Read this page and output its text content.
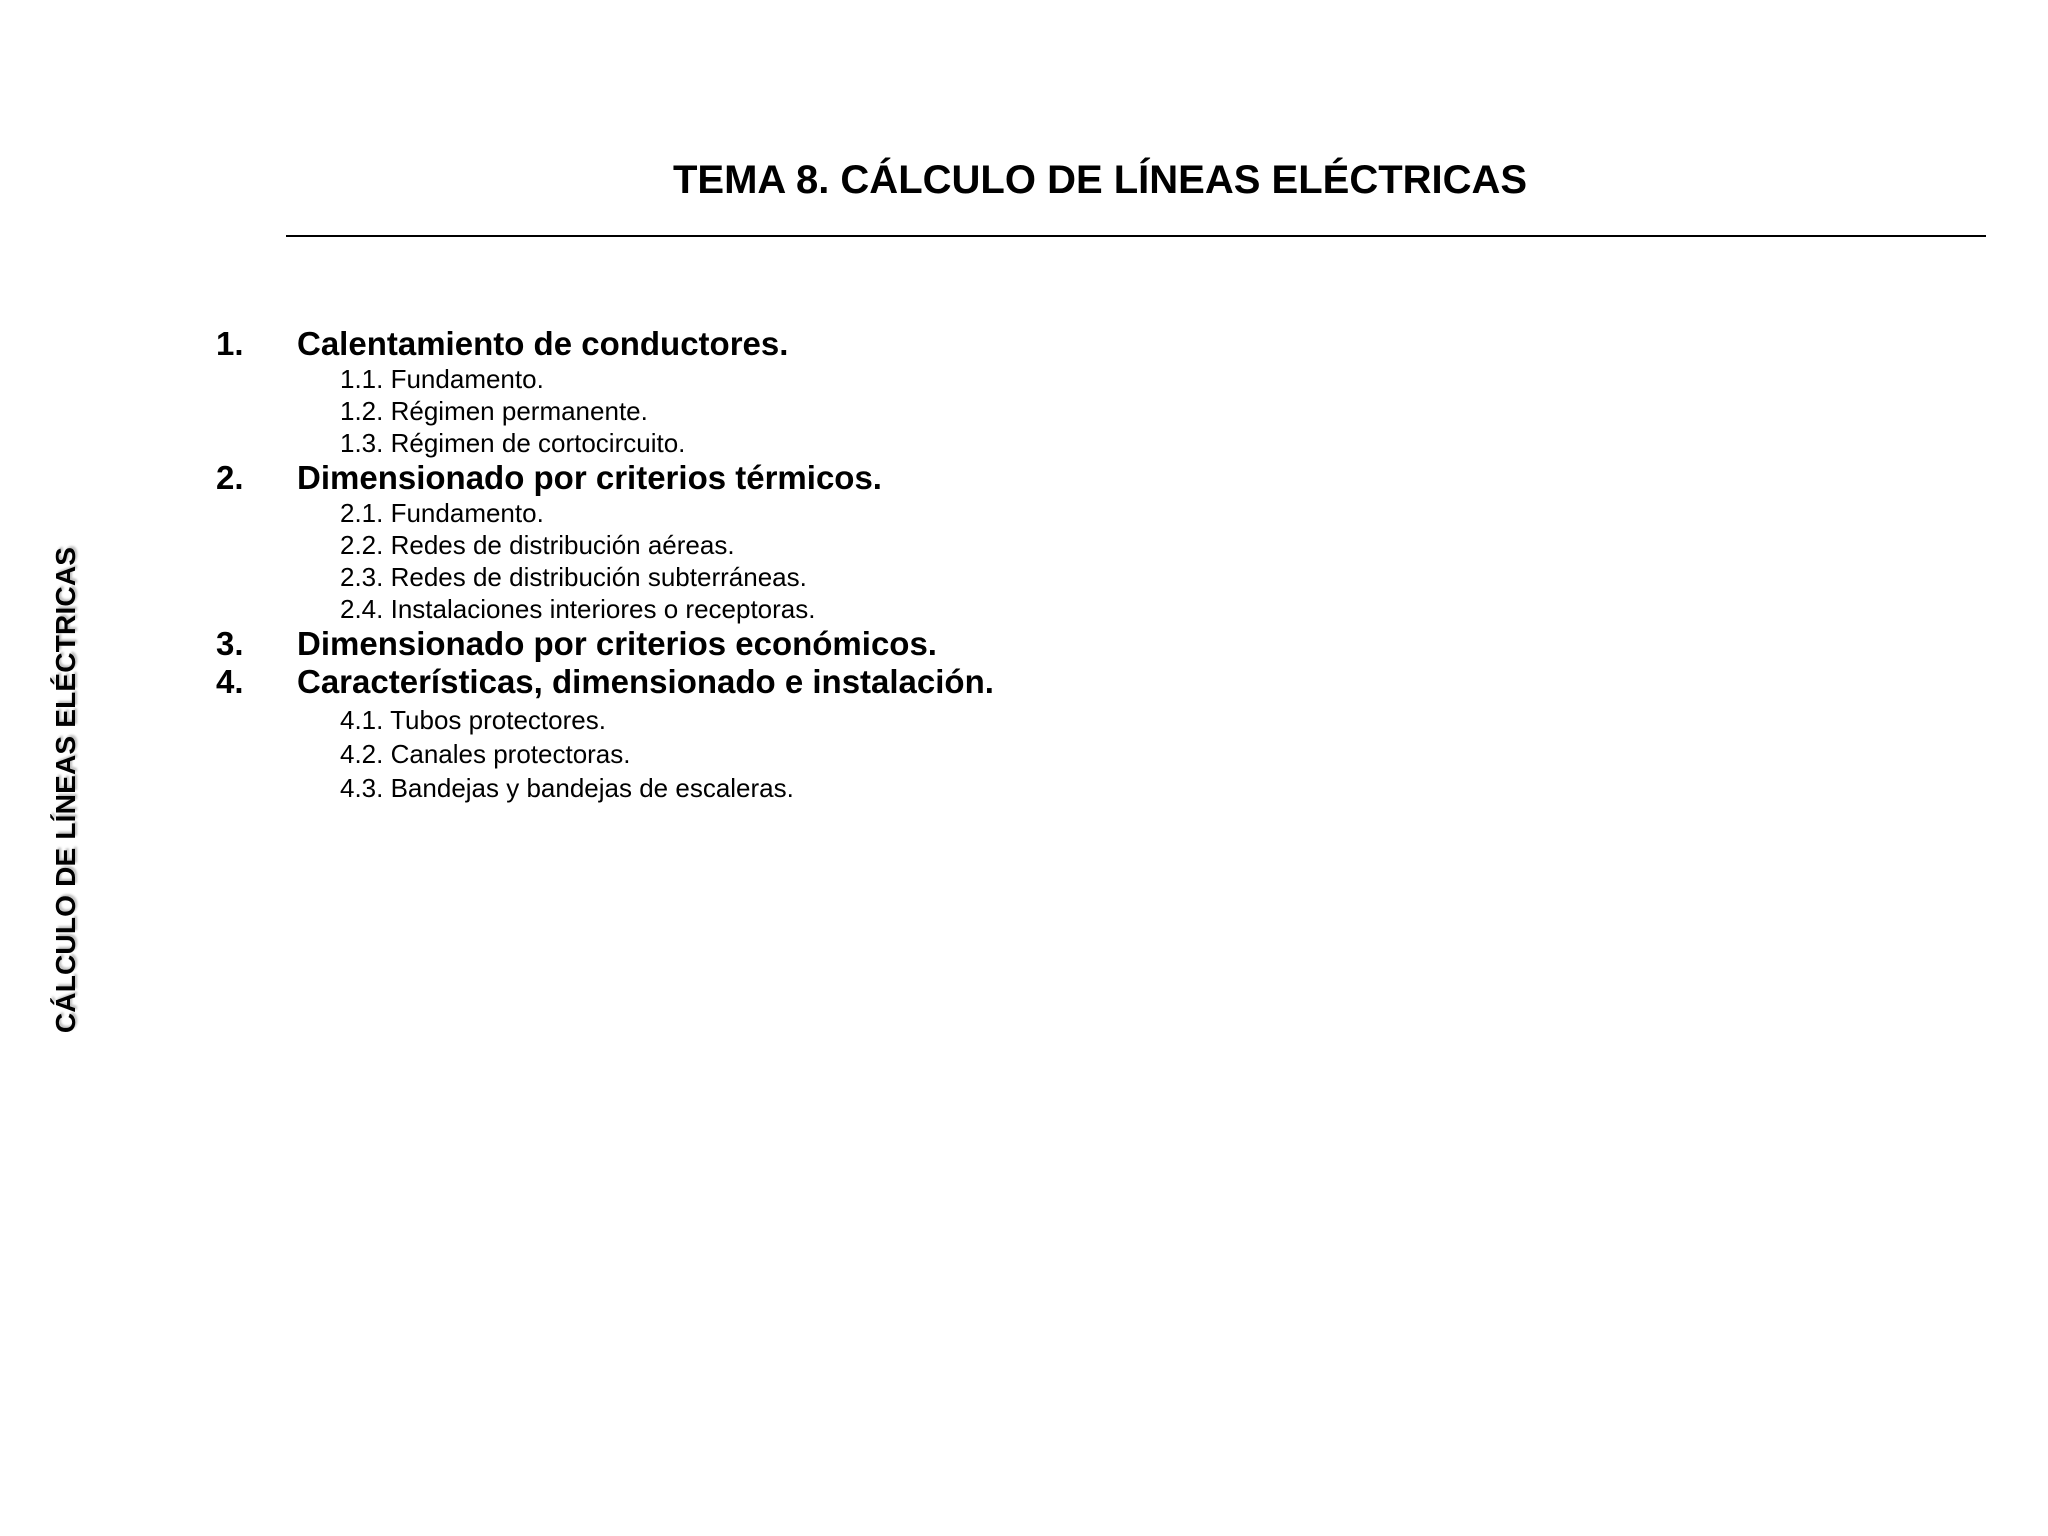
CÁLCULO DE LÍNEAS ELÉCTRICAS
TEMA 8. CÁLCULO DE LÍNEAS ELÉCTRICAS
1.	Calentamiento de conductores.
1.1. Fundamento.
1.2. Régimen permanente.
1.3. Régimen de cortocircuito.
2.	Dimensionado por criterios térmicos.
2.1. Fundamento.
2.2. Redes de distribución aéreas.
2.3. Redes de distribución subterráneas.
2.4. Instalaciones interiores o receptoras.
3.	Dimensionado por criterios económicos.
4.	Características, dimensionado e instalación.
4.1. Tubos protectores.
4.2. Canales protectoras.
4.3. Bandejas y bandejas de escaleras.
